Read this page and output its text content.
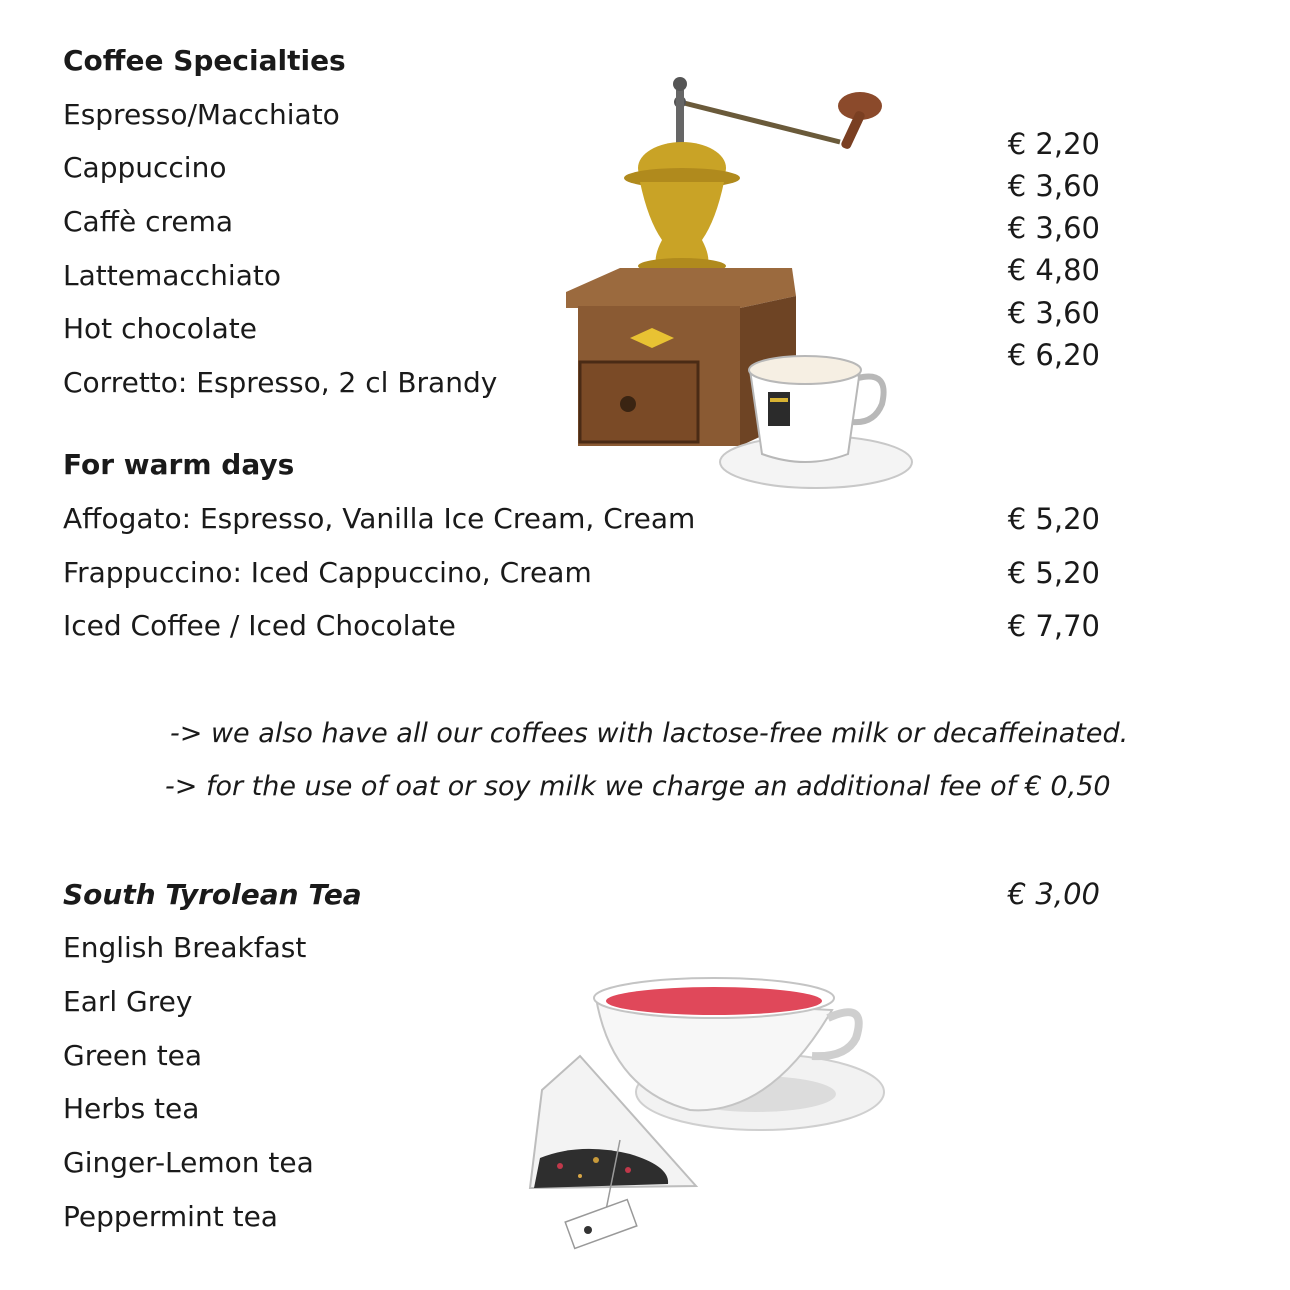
Coffee Specialties
Espresso/Macchiato
Cappuccino
Caffè crema
Lattemacchiato
Hot chocolate
Corretto: Espresso, 2 cl Brandy
€ 2,20
€ 3,60
€ 3,60
€ 4,80
€ 3,60
€ 6,20
For warm days
Affogato: Espresso, Vanilla Ice Cream, Cream
Frappuccino: Iced Cappuccino, Cream
Iced Coffee / Iced Chocolate
€ 5,20
€ 5,20
€ 7,70
-> we also have all our coffees with lactose-free milk or decaffeinated.
-> for the use of oat or soy milk we charge an additional fee of € 0,50
South Tyrolean Tea	€ 3,00
English Breakfast
Earl Grey
Green tea
Herbs tea
Ginger-Lemon tea
Peppermint tea
